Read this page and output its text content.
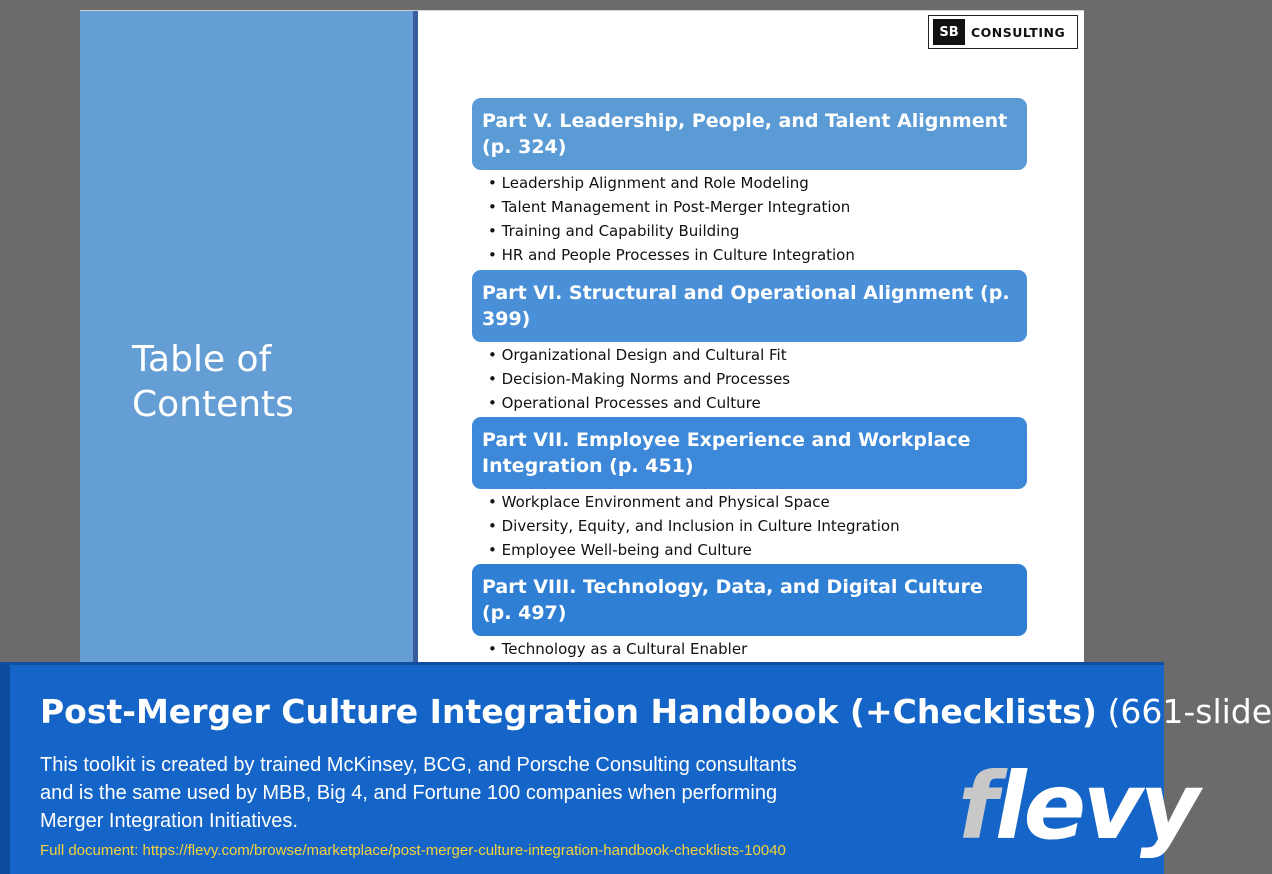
Table of Contents
SB CONSULTING
Part V. Leadership, People, and Talent Alignment (p. 324)
• Leadership Alignment and Role Modeling
• Talent Management in Post-Merger Integration
• Training and Capability Building
• HR and People Processes in Culture Integration
Part VI. Structural and Operational Alignment (p. 399)
• Organizational Design and Cultural Fit
• Decision-Making Norms and Processes
• Operational Processes and Culture
Part VII. Employee Experience and Workplace Integration (p. 451)
• Workplace Environment and Physical Space
• Diversity, Equity, and Inclusion in Culture Integration
• Employee Well-being and Culture
Part VIII. Technology, Data, and Digital Culture (p. 497)
• Technology as a Cultural Enabler
Post-Merger Culture Integration Handbook (+Checklists) (661-slide
This toolkit is created by trained McKinsey, BCG, and Porsche Consulting consultants and is the same used by MBB, Big 4, and Fortune 100 companies when performing Merger Integration Initiatives.
Full document: https://flevy.com/browse/marketplace/post-merger-culture-integration-handbook-checklists-10040 flevy
